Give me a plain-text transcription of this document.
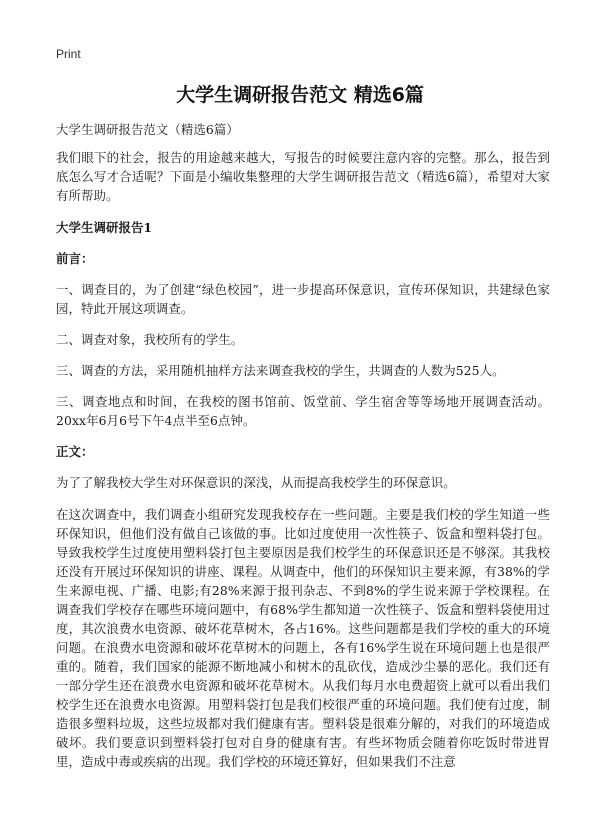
Print
大学生调研报告范文 精选6篇

大学生调研报告范文（精选6篇）

我们眼下的社会，报告的用途越来越大，写报告的时候要注意内容的完整。那么，报告到底怎么写才合适呢？下面是小编收集整理的大学生调研报告范文（精选6篇），希望对大家有所帮助。

大学生调研报告1

前言：

一、调查目的，为了创建“绿色校园”，进一步提高环保意识，宣传环保知识，共建绿色家园，特此开展这项调查。

二、调查对象，我校所有的学生。

三、调查的方法，采用随机抽样方法来调查我校的学生，共调查的人数为525人。

三、调查地点和时间，在我校的图书馆前、饭堂前、学生宿舍等等场地开展调查活动。20xx年6月6号下午4点半至6点钟。

正文：

为了了解我校大学生对环保意识的深浅，从而提高我校学生的环保意识。

在这次调查中，我们调查小组研究发现我校存在一些问题。主要是我们校的学生知道一些环保知识，但他们没有做自己该做的事。比如过度使用一次性筷子、饭盒和塑料袋打包。导致我校学生过度使用塑料袋打包主要原因是我们校学生的环保意识还是不够深。其我校还没有开展过环保知识的讲座、课程。从调查中，他们的环保知识主要来源，有38%的学生来源电视、广播、电影;有28%来源于报刊杂志、不到8%的学生说来源于学校课程。在调查我们学校存在哪些环境问题中，有68%学生都知道一次性筷子、饭盒和塑料袋使用过度，其次浪费水电资源、破坏花草树木，各占16%。这些问题都是我们学校的重大的环境问题。在浪费水电资源和破坏花草树木的问题上，各有16%学生说在环境问题上也是很严重的。随着，我们国家的能源不断地减小和树木的乱砍伐，造成沙尘暴的恶化。我们还有一部分学生还在浪费水电资源和破坏花草树木。从我们每月水电费超资上就可以看出我们校学生还在浪费水电资源。用塑料袋打包是我们校很严重的环境问题。我们使有过度，制造很多塑料垃圾，这些垃圾都对我们健康有害。塑料袋是很难分解的，对我们的环境造成破坏。我们要意识到塑料袋打包对自身的健康有害。有些坏物质会随着你吃饭时带进胃里，造成中毒或疾病的出现。我们学校的环境还算好，但如果我们不注意
